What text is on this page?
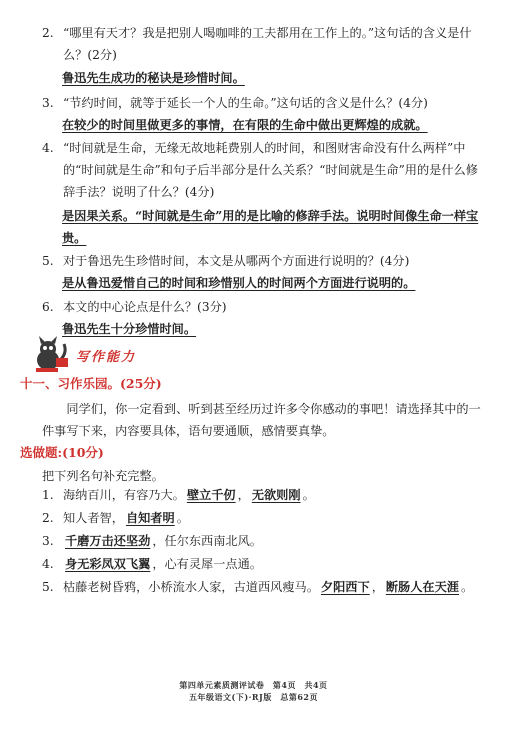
2. “哪里有天才？我是把别人喝咖啡的工夫都用在工作上的。”这句话的含义是什么？(2分)
鲁迅先生成功的秘诀是珍惜时间。
3. “节约时间，就等于延长一个人的生命。”这句话的含义是什么？(4分)
在较少的时间里做更多的事情，在有限的生命中做出更辉煌的成就。
4. “时间就是生命，无缘无故地耗费别人的时间，和图财害命没有什么两样”中的“时间就是生命”和句子后半部分是什么关系？“时间就是生命”用的是什么修辞手法？说明了什么？(4分)
是因果关系。“时间就是生命”用的是比喻的修辞手法。说明时间像生命一样宝贵。
5. 对于鲁迅先生珍惜时间，本文是从哪两个方面进行说明的？(4分)
是从鲁迅爱惜自己的时间和珍惜别人的时间两个方面进行说明的。
6. 本文的中心论点是什么？(3分)
鲁迅先生十分珍惜时间。
写作能力
十一、习作乐园。(25分)
同学们，你一定看到、听到甚至经历过许多令你感动的事吧！请选择其中的一件事写下来，内容要具体，语句要通顺，感情要真挚。
选做题:(10分)
把下列名句补充完整。
1. 海纳百川，有容乃大。 壁立千仞 ， 无欲则刚 。
2. 知人者智， 自知者明 。
3. 千磨万击还坚劲 ，任尔东西南北风。
4. 身无彩凤双飞翼 ，心有灵犀一点通。
5. 枯藤老树昏鸦，小桥流水人家，古道西风瘦马。 夕阳西下 ， 断肠人在天涯 。
第四单元素质测评试卷　第4页　共4页
五年级语文(下)·RJ版　总第62页
